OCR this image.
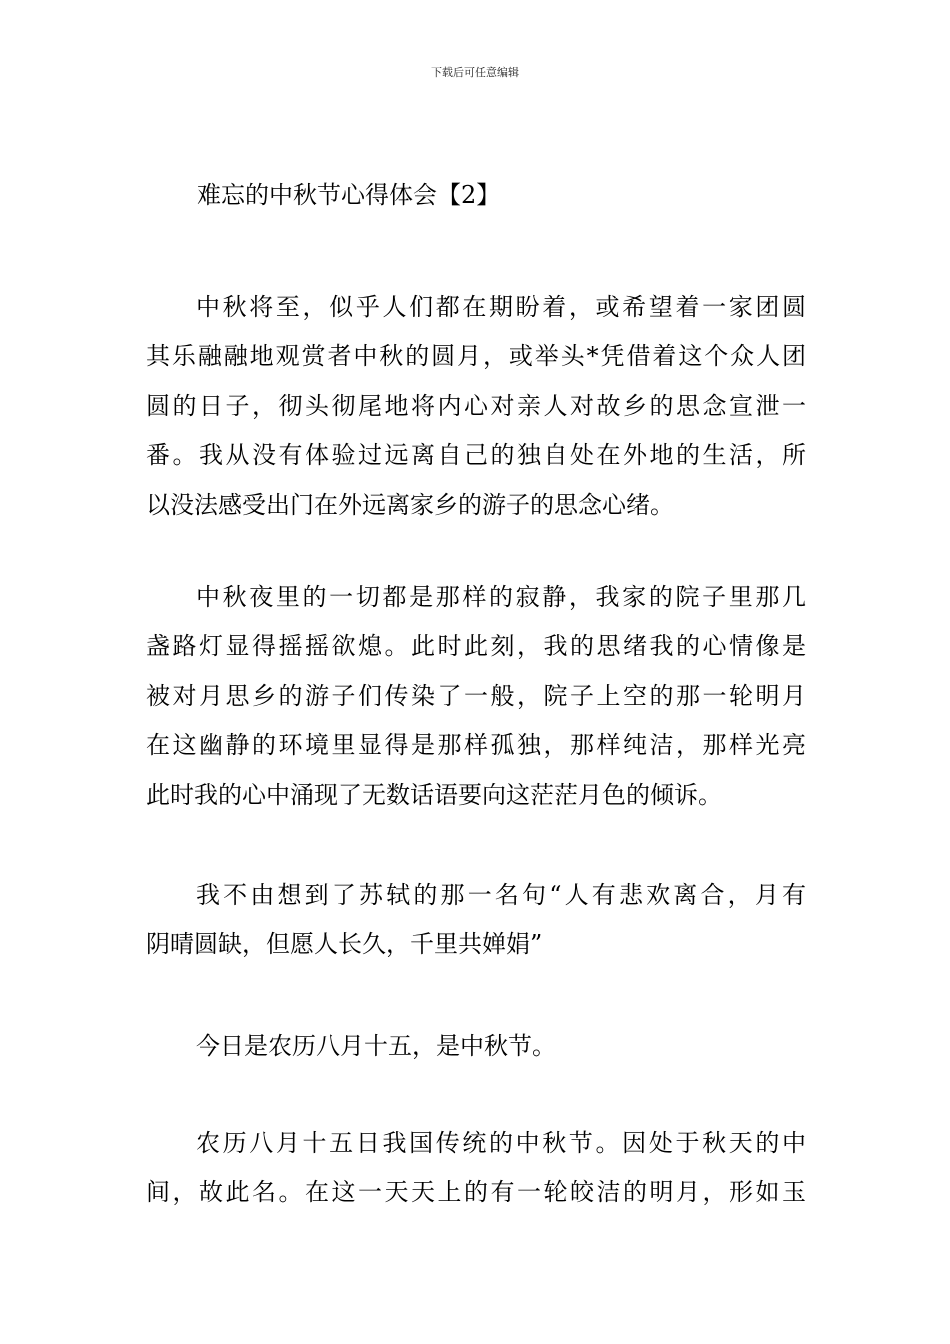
下载后可任意编辑
难忘的中秋节心得体会【2】
中秋将至，似乎人们都在期盼着，或希望着一家团圆
其乐融融地观赏者中秋的圆月，或举头*凭借着这个众人团
圆的日子，彻头彻尾地将内心对亲人对故乡的思念宣泄一
番。我从没有体验过远离自己的独自处在外地的生活，所
以没法感受出门在外远离家乡的游子的思念心绪。
中秋夜里的一切都是那样的寂静，我家的院子里那几
盏路灯显得摇摇欲熄。此时此刻，我的思绪我的心情像是
被对月思乡的游子们传染了一般，院子上空的那一轮明月
在这幽静的环境里显得是那样孤独，那样纯洁，那样光亮
此时我的心中涌现了无数话语要向这茫茫月色的倾诉。
我不由想到了苏轼的那一名句“人有悲欢离合，月有
阴晴圆缺，但愿人长久，千里共婵娟”
今日是农历八月十五，是中秋节。
农历八月十五日我国传统的中秋节。因处于秋天的中
间，故此名。在这一天天上的有一轮皎洁的明月，形如玉
